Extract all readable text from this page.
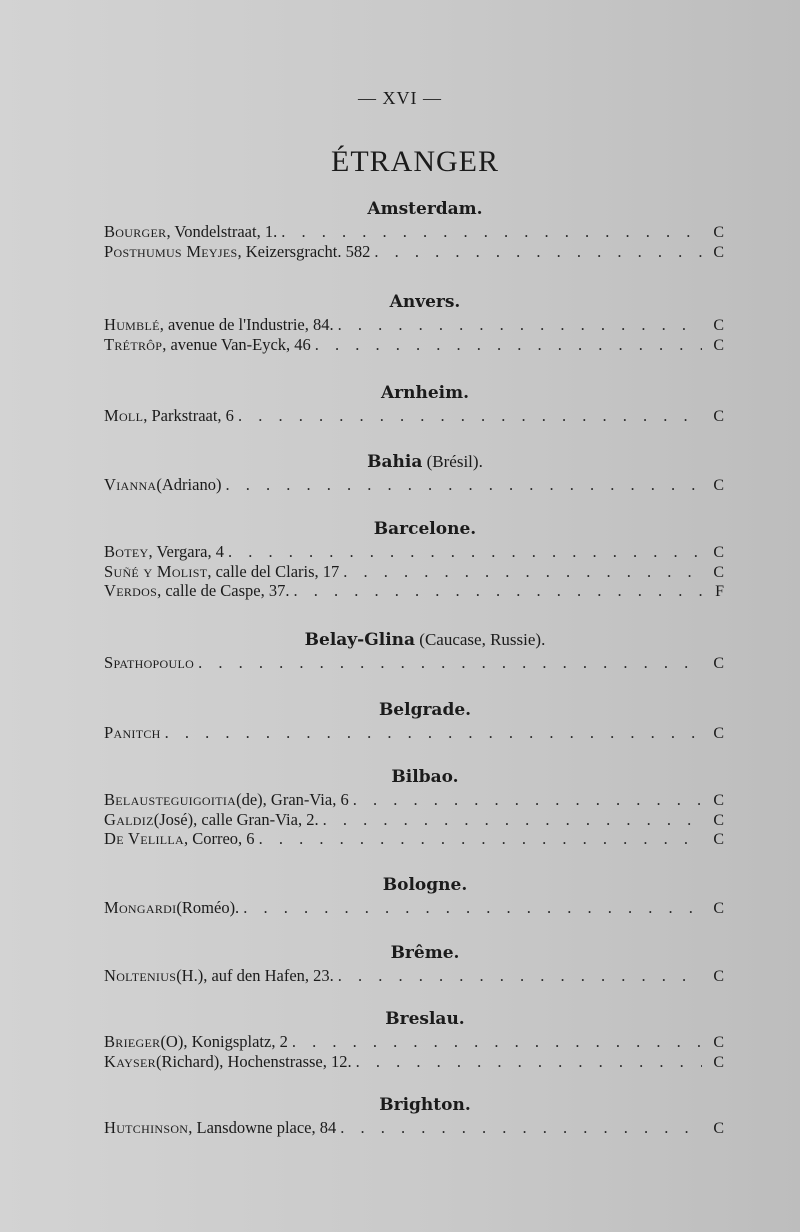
— XVI —
ÉTRANGER
Amsterdam.
Bourger , Vondelstraat, 1. . . .	C
Posthumus Meyjes , Keizersgracht. 582 . . .	C
Anvers.
Humblé , avenue de l'Industrie, 84. . . .	C
Trétrôp , avenue Van-Eyck, 46 . . .	C
Arnheim.
Moll , Parkstraat, 6 . . .	C
Bahia (Brésil).
Vianna (Adriano) . . .	C
Barcelone.
Botey , Vergara, 4 . . .	C
Suñé y Molist , calle del Claris, 17 . . .	C
Verdos , calle de Caspe, 37. . . .	F
Belay-Glina (Caucase, Russie).
Spathopoulo . . .	C
Belgrade.
Panitch . . .	C
Bilbao.
Belausteguigoitia (de), Gran-Via, 6 . . .	C
Galdiz (José), calle Gran-Via, 2. . . .	C
De Velilla , Correo, 6 . . .	C
Bologne.
Mongardi (Roméo). . . .	C
Brême.
Noltenius (H.), auf den Hafen, 23. . . .	C
Breslau.
Brieger (O), Konigsplatz, 2 . . .	C
Kayser (Richard), Hochenstrasse, 12. . . .	C
Brighton.
Hutchinson , Lansdowne place, 84 . . .	C
